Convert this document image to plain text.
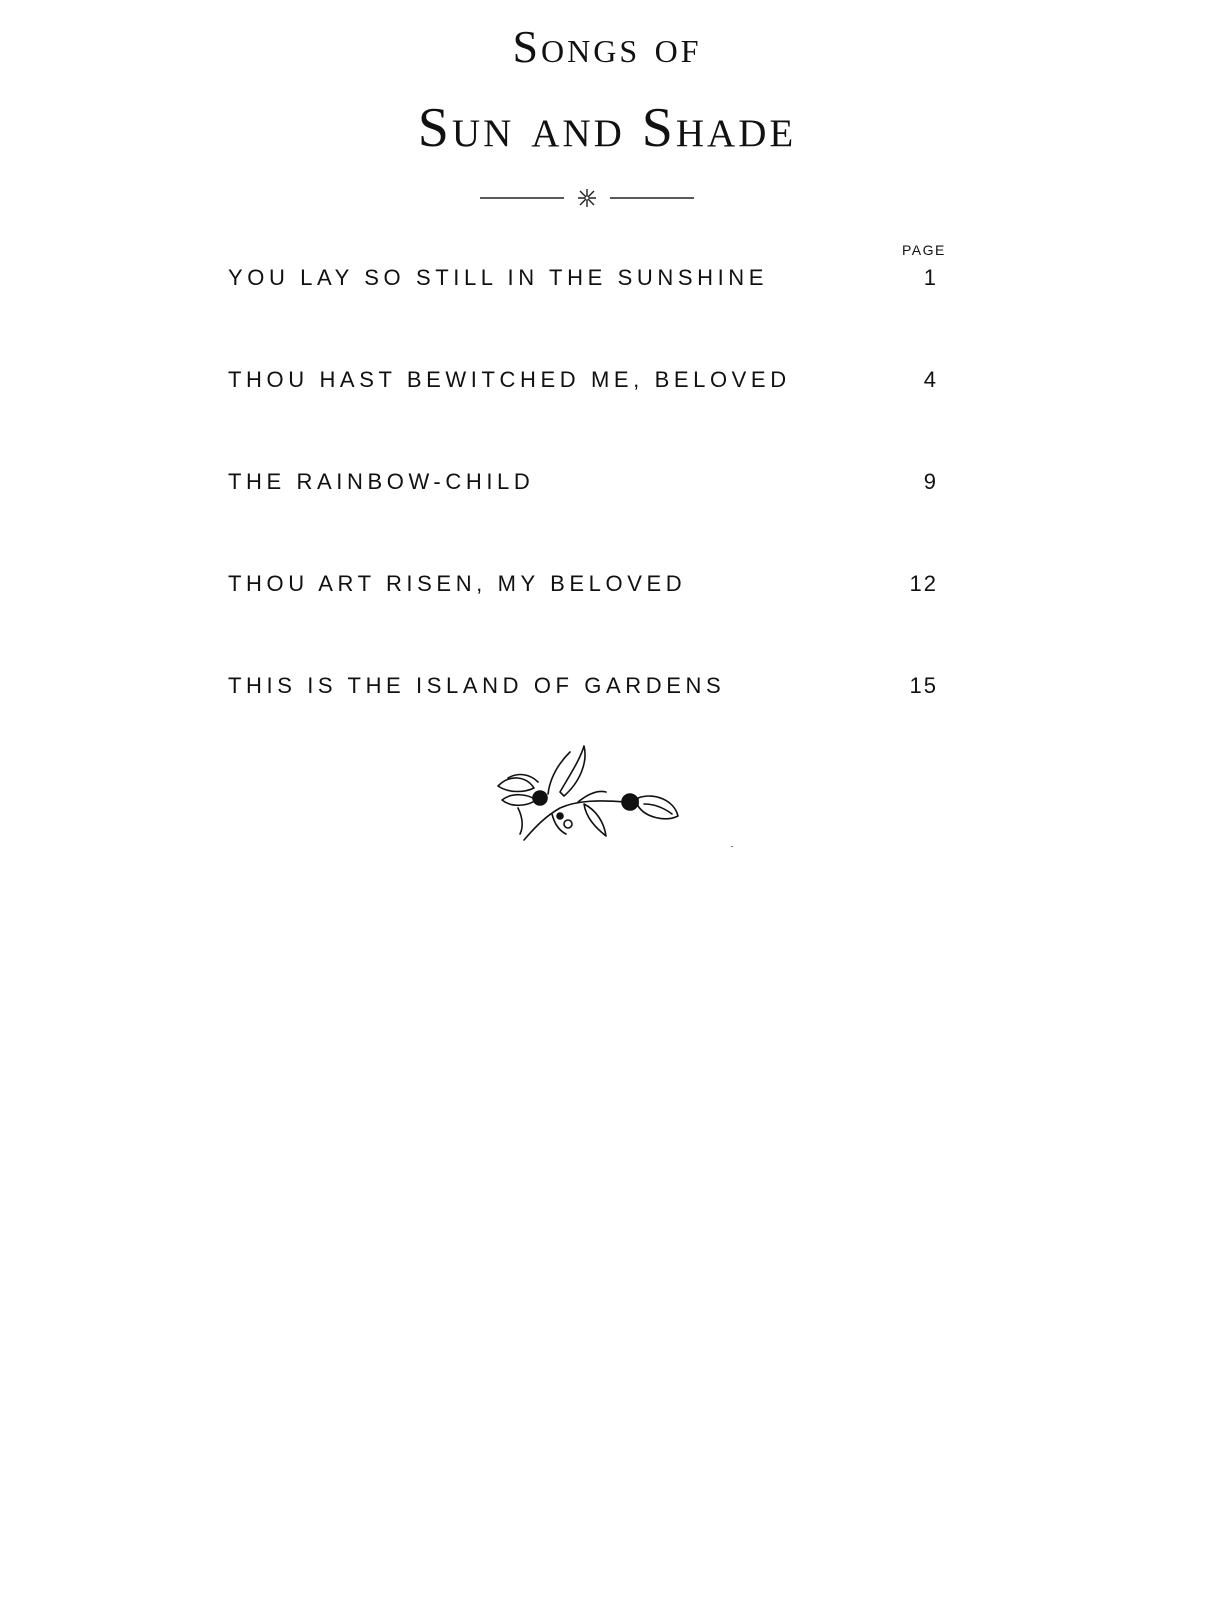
Songs of
Sun and Shade
PAGE
YOU LAY SO STILL IN THE SUNSHINE	1
THOU HAST BEWITCHED ME, BELOVED	4
THE RAINBOW-CHILD	9
THOU ART RISEN, MY BELOVED	12
THIS IS THE ISLAND OF GARDENS	15
